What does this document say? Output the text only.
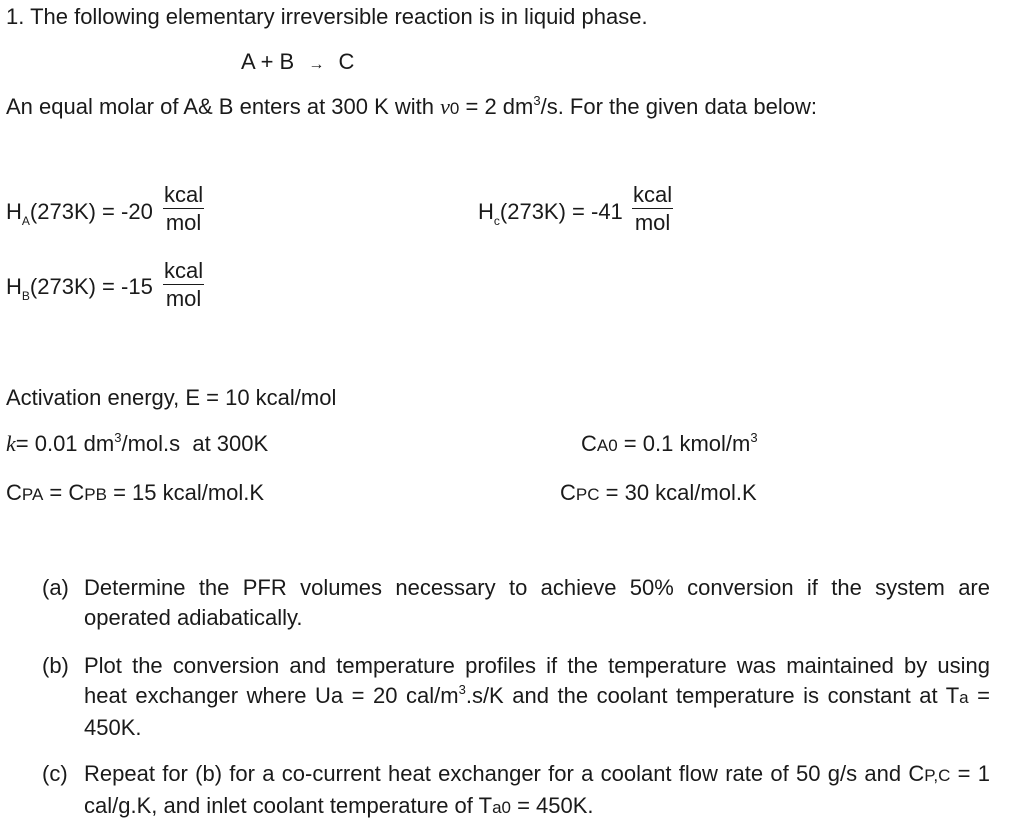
1. The following elementary irreversible reaction is in liquid phase.
A + B → C
An equal molar of A& B enters at 300 K with v0 = 2 $dm^3/s$. For the given data below:
$H_A(273K) = -20$
kcal
mol	$H_c(273K) = -41$
kcal
mol
$H_B(273K) = -15$
kcal
mol
Activation energy, E = 10 kcal/mol
k= 0.01 $dm^3/mol.s$  at 300K	CA0 = 0.1 kmol/$m^3$
CPA = CPB = 15 kcal/mol.K	CPC = 30 kcal/mol.K
(a) Determine the PFR volumes necessary to achieve 50% conversion if the system are operated adiabatically.
(b) Plot the conversion and temperature profiles if the temperature was maintained by using heat exchanger where Ua = 20 cal/$m^3.s/K$ and the coolant temperature is constant at Ta = 450K.
(c) Repeat for (b) for a co-current heat exchanger for a coolant flow rate of 50 g/s and CP,C = 1 cal/g.K, and inlet coolant temperature of Ta0 = 450K.
